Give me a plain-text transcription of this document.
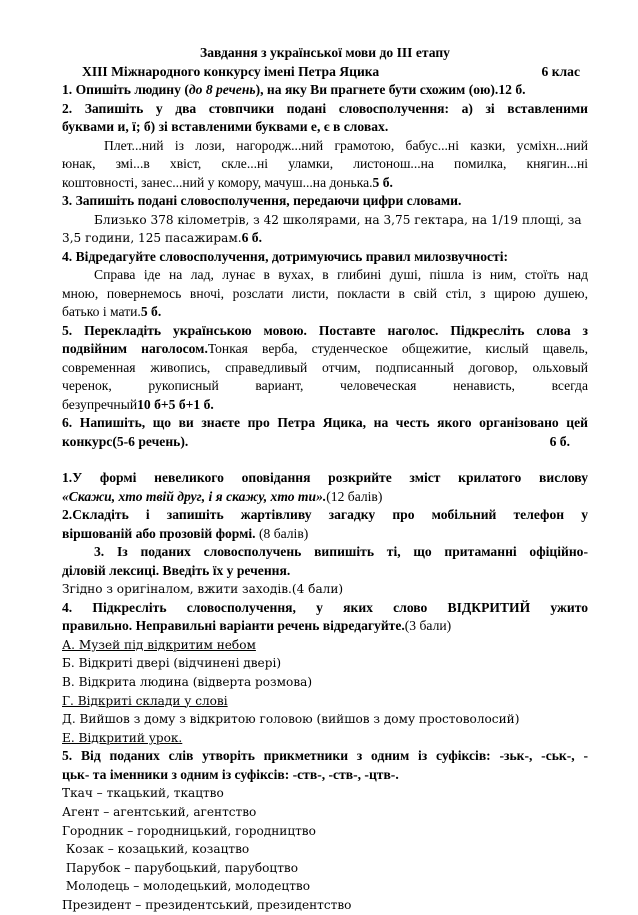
Завдання з української мови до ІІІ етапу
ХІІІ Міжнародного конкурсу імені Петра Яцика	6 клас

1. Опишіть людину (до 8 речень), на яку Ви прагнете бути схожим (ою).12 б.

2. Запишіть у два стовпчики подані словосполучення: а) зі вставленими

буквами и, ї; б) зі вставленими буквами е, є в словах.

Плет...ний із лози, нагородж...ний грамотою, бабус...ні казки, усміхн...ний

юнак, змі...в хвіст, скле...ні уламки, листонош...на помилка, княгин...ні

коштовності, занес...ний у комору, мачуш...на донька.5 б.

3. Запишіть подані словосполучення, передаючи цифри словами.

Близько 378 кілометрів, з 42 школярами, на 3,75 гектара, на 1/19 площі, за

3,5 години, 125 пасажирам.6 б.

4. Відредагуйте словосполучення, дотримуючись правил милозвучності:

Справа іде на лад, лунає в вухах, в глибині душі, пішла із ним, стоїть над

мною, повернемось вночі, розслати листи, покласти в свій стіл, з щирою душею,

батько і мати.5 б.

5. Перекладіть українською мовою. Поставте наголос. Підкресліть слова з

подвійним наголосом.Тонкая верба, студенческое общежитие, кислый щавель,

современная живопись, справедливый отчим, подписанный договор, ольховый

черенок, рукописный вариант, человеческая ненависть, всегда

безупречный10 б+5 б+1 б.

6. Напишіть, що ви знаєте про Петра Яцика, на честь якого організовано цей

конкурс(5-6 речень).	6 б.

1.У формі невеликого оповідання розкрийте зміст крилатого вислову

«Скажи, хто твій друг, і я скажу, хто ти».(12 балів)

2.Складіть і запишіть жартівливу загадку про мобільний телефон у

віршованій або прозовій формі. (8 балів)

3. Із поданих словосполучень випишіть ті, що притаманні офіційно-

діловій лексиці. Введіть їх у речення.

Згідно з оригіналом, вжити заходів.(4 бали)

4. Підкресліть словосполучення, у яких слово ВІДКРИТИЙ ужито

правильно. Неправильні варіанти речень відредагуйте.(3 бали)

А. Музей під відкритим небом

Б. Відкриті двері (відчинені двері)

В. Відкрита людина (відверта розмова)

Г. Відкриті склади у слові

Д. Вийшов з дому з відкритою головою (вийшов з дому простоволосий)

Е. Відкритий урок.

5. Від поданих слів утворіть прикметники з одним із суфіксів: -зьк-, -ськ-, -

цьк- та іменники з одним із суфіксів: -ств-, -ств-, -цтв-.

Ткач – ткацький, ткацтво

Агент – агентський, агентство

Городник – городницький, городництво

Козак – козацький, козацтво

Парубок – парубоцький, парубоцтво

Молодець – молодецький, молодецтво

Президент – президентський, президентство
